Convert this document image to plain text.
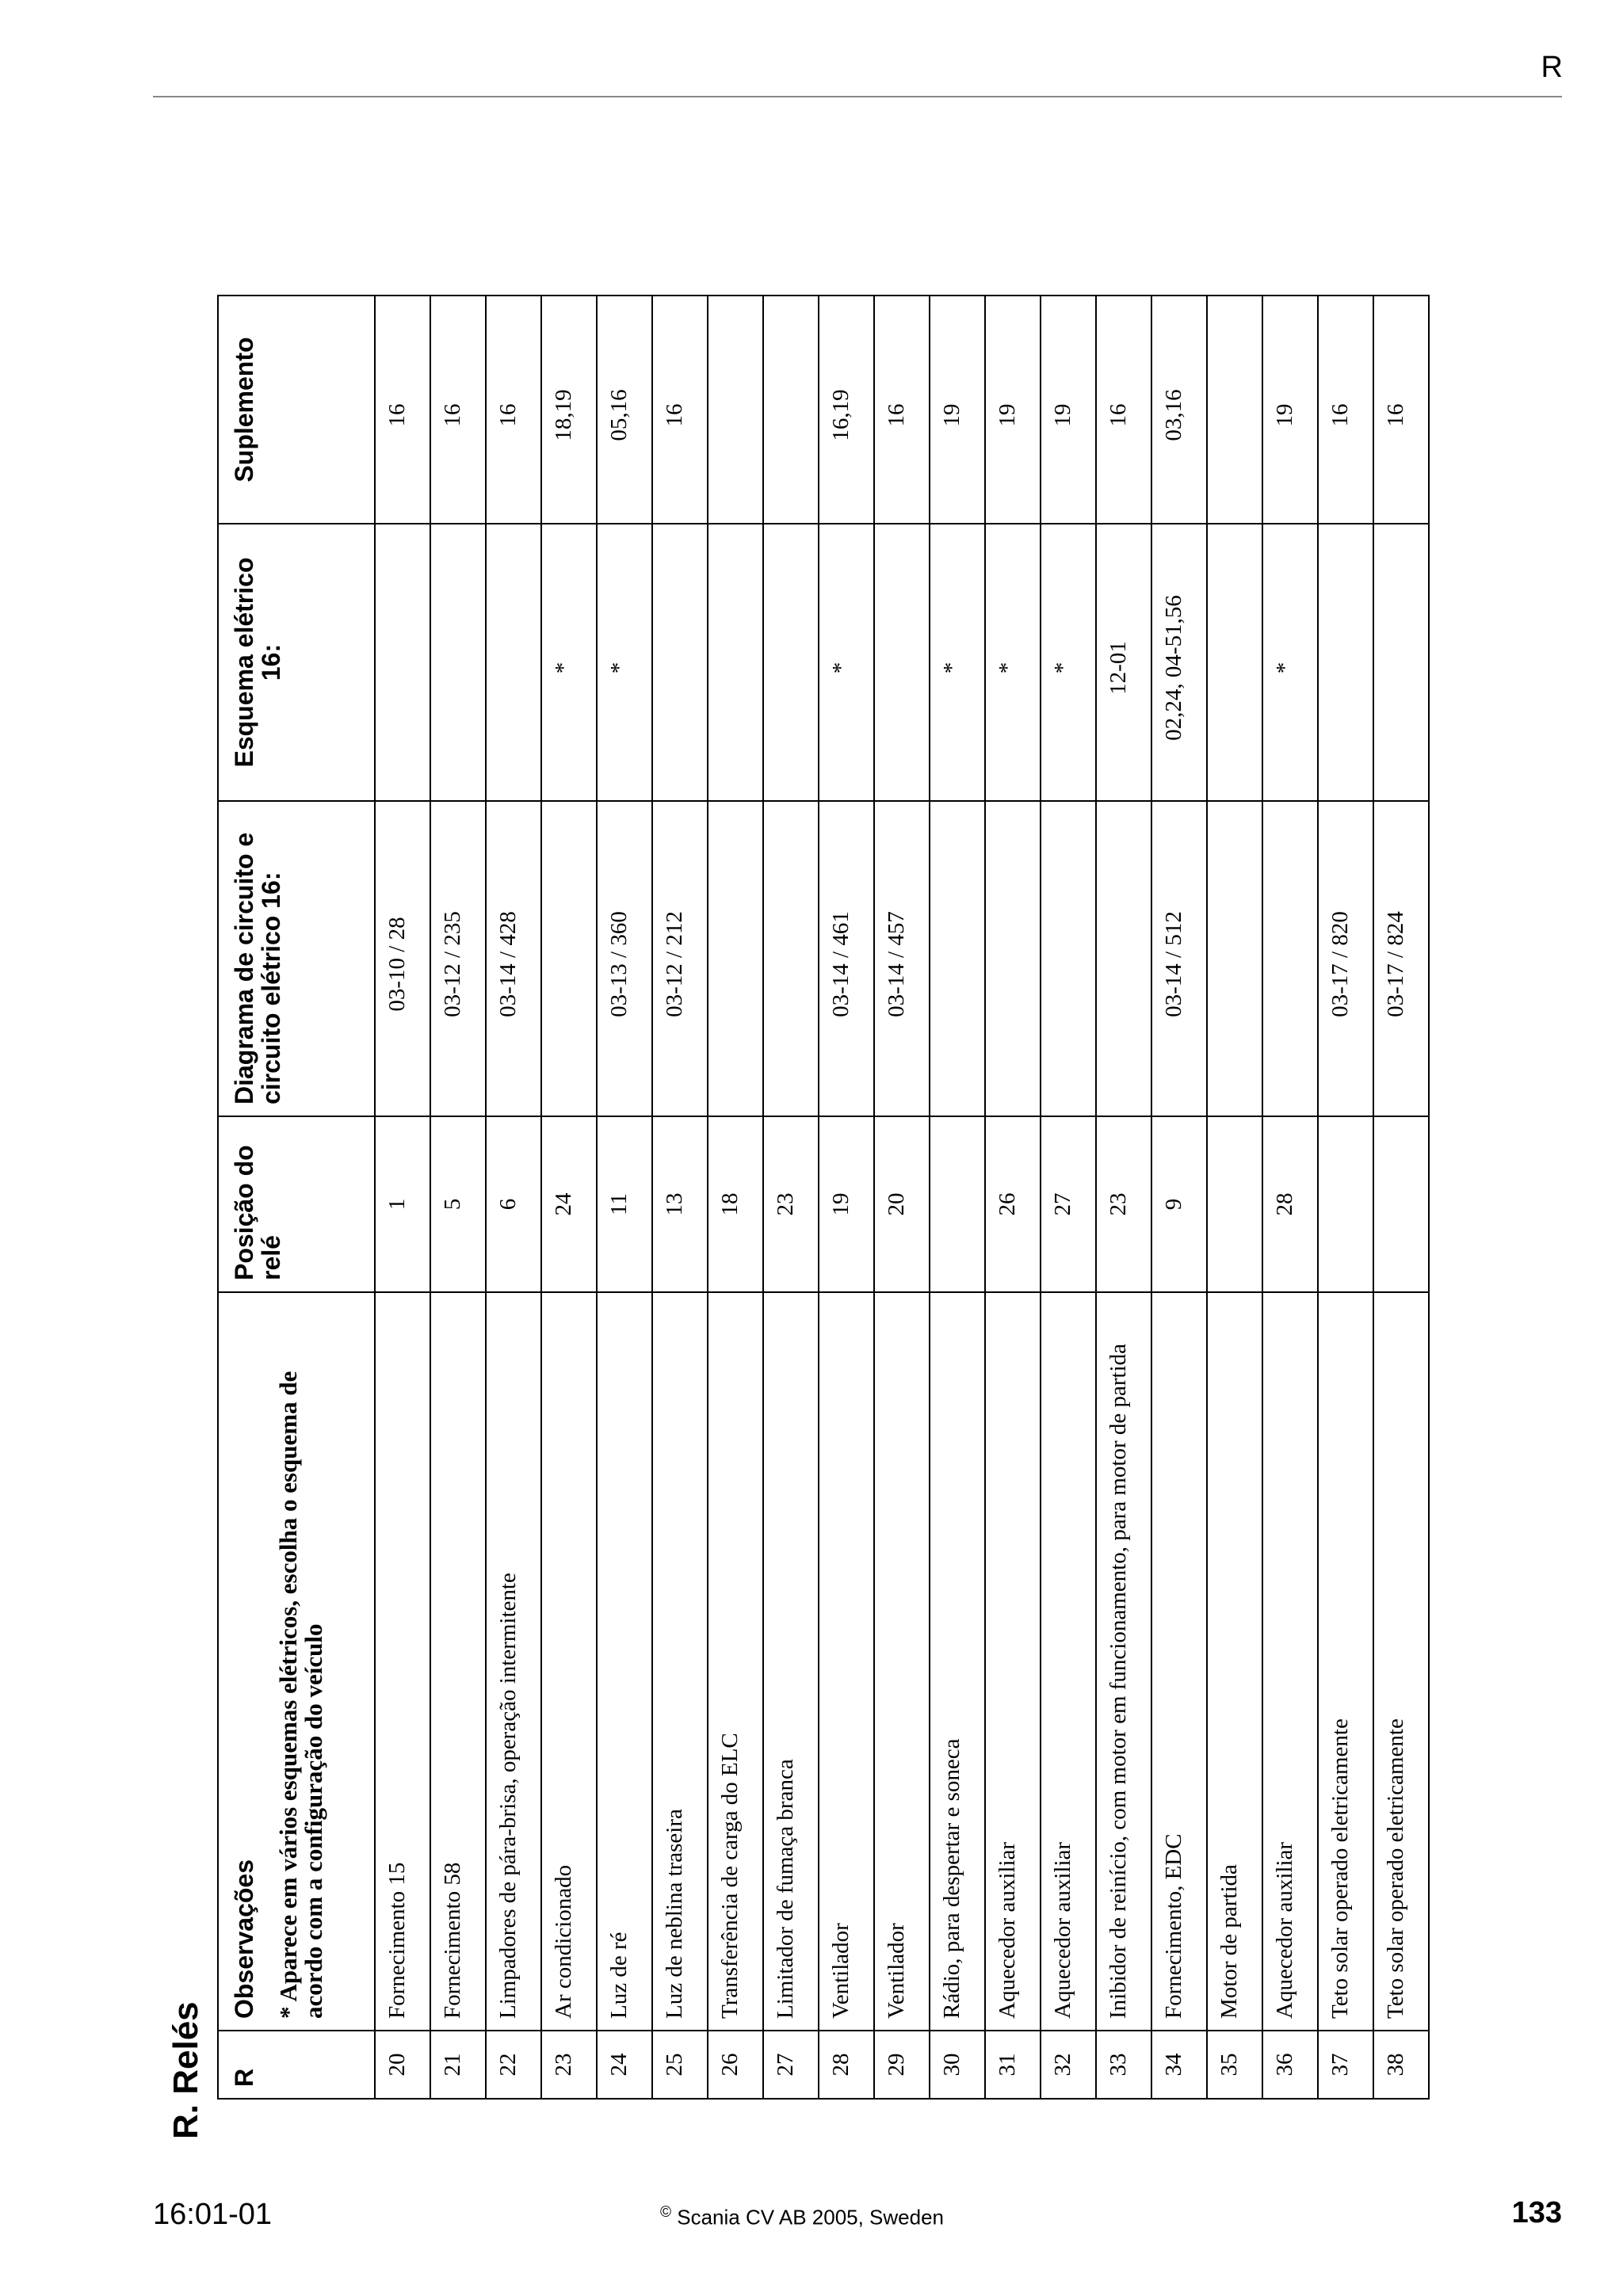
R
R. Relés R	Observações * Aparece em vários esquemas elétricos, escolha o esquema de acordo com a configuração do veículo	Posição do relé	Diagrama de circuito e circuito elétrico 16:	Esquema elétrico 16:	Suplemento
20	Fornecimento 15	1	03-10 / 28		16
21	Fornecimento 58	5	03-12 / 235		16
22	Limpadores de pára-brisa, operação intermitente	6	03-14 / 428		16
23	Ar condicionado	24		*	18,19
24	Luz de ré	11	03-13 / 360	*	05,16
25	Luz de neblina traseira	13	03-12 / 212		16
26	Transferência de carga do ELC	18			
27	Limitador de fumaça branca	23			
28	Ventilador	19	03-14 / 461	*	16,19
29	Ventilador	20	03-14 / 457		16
30	Rádio, para despertar e soneca			*	19
31	Aquecedor auxiliar	26		*	19
32	Aquecedor auxiliar	27		*	19
33	Inibidor de reinício, com motor em funcionamento, para motor de partida	23		12-01	16
34	Fornecimento, EDC	9	03-14 / 512	02,24, 04-51,56	03,16
35	Motor de partida				
36	Aquecedor auxiliar	28		*	19
37	Teto solar operado eletricamente		03-17 / 820		16
38	Teto solar operado eletricamente		03-17 / 824		16
16:01-01	© Scania CV AB 2005, Sweden	133
